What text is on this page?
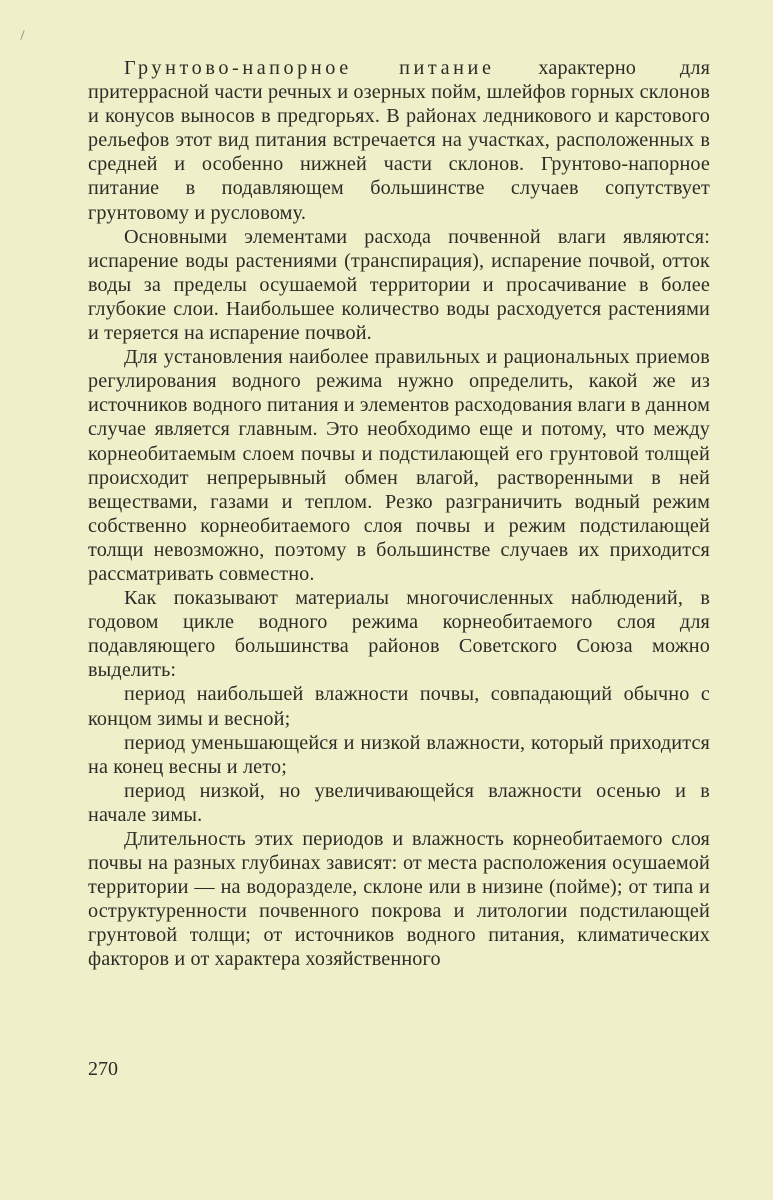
Грунтово-напорное питание характерно для притеррасной части речных и озерных пойм, шлейфов горных склонов и конусов выносов в предгорьях. В районах ледникового и карстового рельефов этот вид питания встречается на участках, расположенных в средней и особенно нижней части склонов. Грунтово-напорное питание в подавляющем большинстве случаев сопутствует грунтовому и русловому.

Основными элементами расхода почвенной влаги являются: испарение воды растениями (транспирация), испарение почвой, отток воды за пределы осушаемой территории и просачивание в более глубокие слои. Наибольшее количество воды расходуется растениями и теряется на испарение почвой.

Для установления наиболее правильных и рациональных приемов регулирования водного режима нужно определить, какой же из источников водного питания и элементов расходования влаги в данном случае является главным. Это необходимо еще и потому, что между корнеобитаемым слоем почвы и подстилающей его грунтовой толщей происходит непрерывный обмен влагой, растворенными в ней веществами, газами и теплом. Резко разграничить водный режим собственно корнеобитаемого слоя почвы и режим подстилающей толщи невозможно, поэтому в большинстве случаев их приходится рассматривать совместно.

Как показывают материалы многочисленных наблюдений, в годовом цикле водного режима корнеобитаемого слоя для подавляющего большинства районов Советского Союза можно выделить:

период наибольшей влажности почвы, совпадающий обычно с концом зимы и весной;

период уменьшающейся и низкой влажности, который приходится на конец весны и лето;

период низкой, но увеличивающейся влажности осенью и в начале зимы.

Длительность этих периодов и влажность корнеобитаемого слоя почвы на разных глубинах зависят: от места расположения осушаемой территории — на водоразделе, склоне или в низине (пойме); от типа и оструктуренности почвенного покрова и литологии подстилающей грунтовой толщи; от источников водного питания, климатических факторов и от характера хозяйственного

270
